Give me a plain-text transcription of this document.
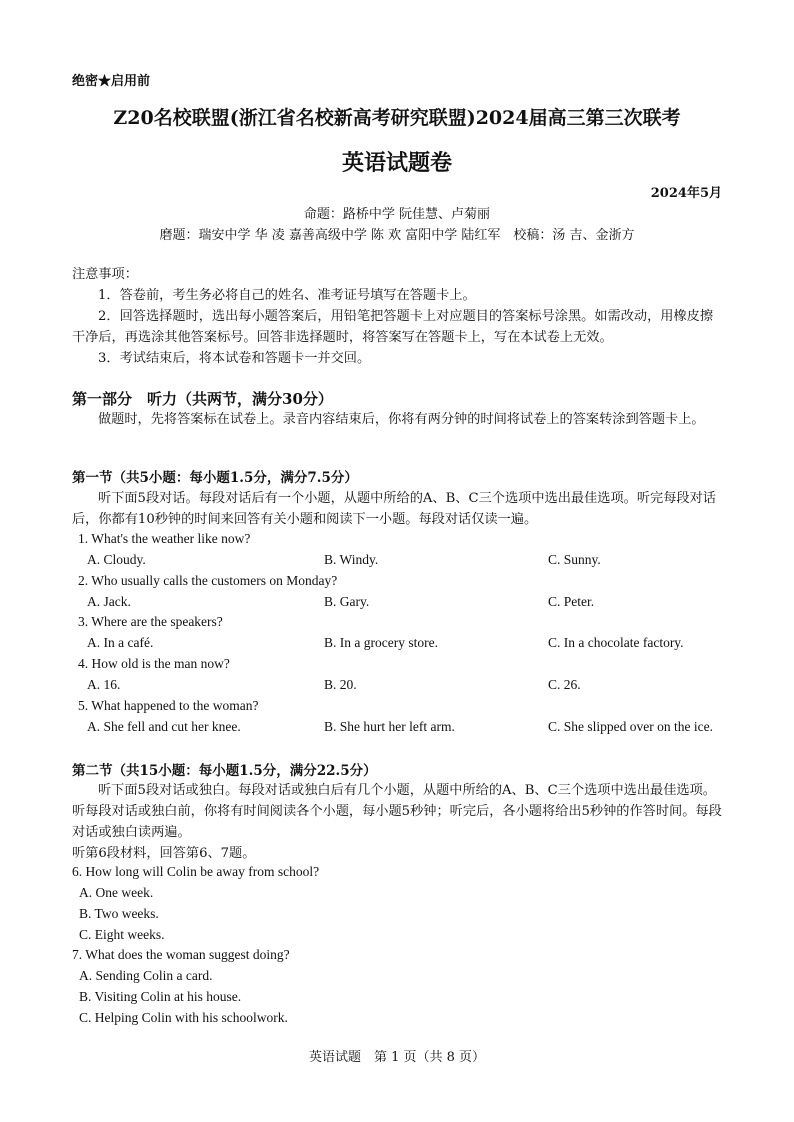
绝密★启用前
Z20名校联盟(浙江省名校新高考研究联盟)2024届高三第三次联考
英语试题卷
2024年5月
命题：路桥中学 阮佳慧、卢菊丽
磨题：瑞安中学 华 凌 嘉善高级中学 陈 欢 富阳中学 陆红军　校稿：汤 吉、金浙方
注意事项：
1．答卷前，考生务必将自己的姓名、准考证号填写在答题卡上。
2．回答选择题时，选出每小题答案后，用铅笔把答题卡上对应题目的答案标号涂黑。如需改动，用橡皮擦干净后，再选涂其他答案标号。回答非选择题时，将答案写在答题卡上，写在本试卷上无效。
3．考试结束后，将本试卷和答题卡一并交回。
第一部分　听力（共两节，满分30分）
做题时，先将答案标在试卷上。录音内容结束后，你将有两分钟的时间将试卷上的答案转涂到答题卡上。
第一节（共5小题：每小题1.5分，满分7.5分）
听下面5段对话。每段对话后有一个小题，从题中所给的A、B、C三个选项中选出最佳选项。听完每段对话后，你都有10秒钟的时间来回答有关小题和阅读下一小题。每段对话仅读一遍。
1. What's the weather like now?
A. Cloudy.	B. Windy.	C. Sunny.
2. Who usually calls the customers on Monday?
A. Jack.	B. Gary.	C. Peter.
3. Where are the speakers?
A. In a café.	B. In a grocery store.	C. In a chocolate factory.
4. How old is the man now?
A. 16.	B. 20.	C. 26.
5. What happened to the woman?
A. She fell and cut her knee.	B. She hurt her left arm.	C. She slipped over on the ice.
第二节（共15小题：每小题1.5分，满分22.5分）
听下面5段对话或独白。每段对话或独白后有几个小题，从题中所给的A、B、C三个选项中选出最佳选项。听每段对话或独白前，你将有时间阅读各个小题，每小题5秒钟；听完后，各小题将给出5秒钟的作答时间。每段对话或独白读两遍。
听第6段材料，回答第6、7题。
6. How long will Colin be away from school?
A. One week.
B. Two weeks.
C. Eight weeks.
7. What does the woman suggest doing?
A. Sending Colin a card.
B. Visiting Colin at his house.
C. Helping Colin with his schoolwork.
英语试题　第 1 页（共 8 页）
